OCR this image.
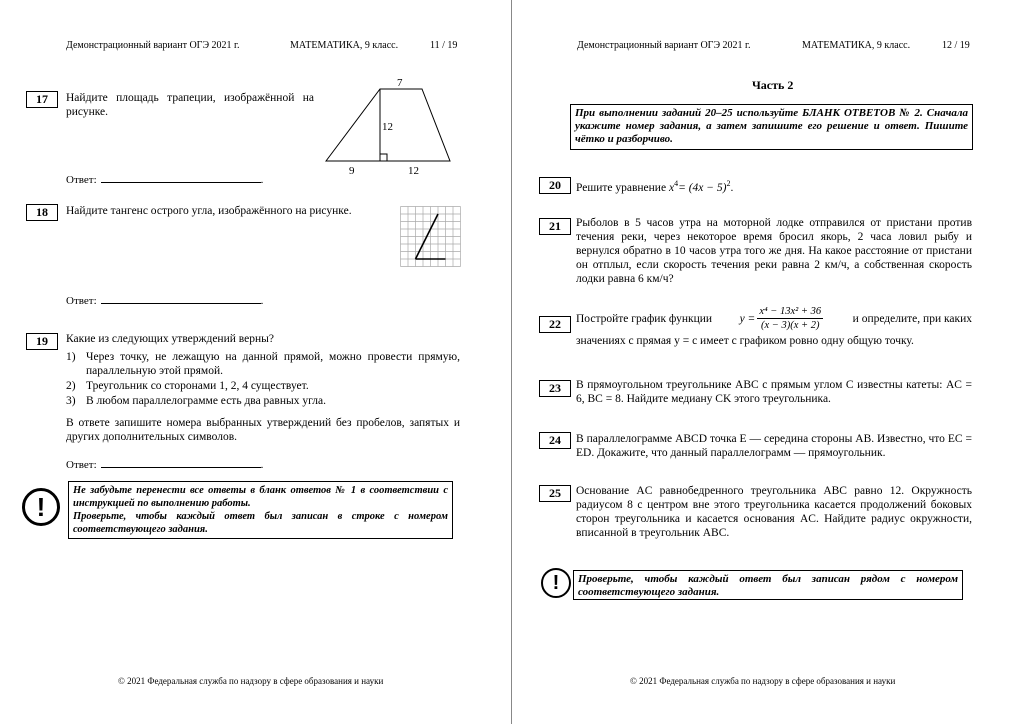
Демонстрационный вариант ОГЭ 2021 г.	МАТЕМАТИКА, 9 класс.	11 / 19
17	Найдите площадь трапеции, изображённой на рисунке.
7
12
9	12
Ответ:	.
18	Найдите тангенс острого угла, изображённого на рисунке.
Ответ:	.
19	Какие из следующих утверждений верны?
1) Через точку, не лежащую на данной прямой, можно провести прямую, параллельную этой прямой.
2) Треугольник со сторонами 1, 2, 4 существует.
3) В любом параллелограмме есть два равных угла.
В ответе запишите номера выбранных утверждений без пробелов, запятых и других дополнительных символов.
Ответ:	.
!
Не забудьте перенести все ответы в бланк ответов № 1 в соответствии с инструкцией по выполнению работы.
Проверьте, чтобы каждый ответ был записан в строке с номером соответствующего задания.
© 2021 Федеральная служба по надзору в сфере образования и науки
Демонстрационный вариант ОГЭ 2021 г.	МАТЕМАТИКА, 9 класс.	12 / 19
Часть 2
При выполнении заданий 20–25 используйте БЛАНК ОТВЕТОВ № 2. Сначала укажите номер задания, а затем запишите его решение и ответ. Пишите чётко и разборчиво.
20	Решите уравнение $x^4= (4x - 5)^2$.
21	Рыболов в 5 часов утра на моторной лодке отправился от пристани против течения реки, через некоторое время бросил якорь, 2 часа ловил рыбу и вернулся обратно в 10 часов утра того же дня. На какое расстояние от пристани он отплыл, если скорость течения реки равна 2 км/ч, а собственная скорость лодки равна 6 км/ч?
22	Постройте график функции $y = \frac{\text{x⁴ − 13x² + 36}}{(x - 3)(x + 2)}$	и определите, при каких
значениях c прямая y = c имеет с графиком ровно одну общую точку.
23	В прямоугольном треугольнике ABC с прямым углом C известны катеты: AC = 6, BC = 8. Найдите медиану CK этого треугольника.
24	В параллелограмме ABCD точка E — середина стороны AB. Известно, что EC = ED. Докажите, что данный параллелограмм — прямоугольник.
25	Основание AC равнобедренного треугольника ABC равно 12. Окружность радиусом 8 с центром вне этого треугольника касается продолжений боковых сторон треугольника и касается основания AC. Найдите радиус окружности, вписанной в треугольник ABC.
!	Проверьте, чтобы каждый ответ был записан рядом с номером соответствующего задания.
© 2021 Федеральная служба по надзору в сфере образования и науки
